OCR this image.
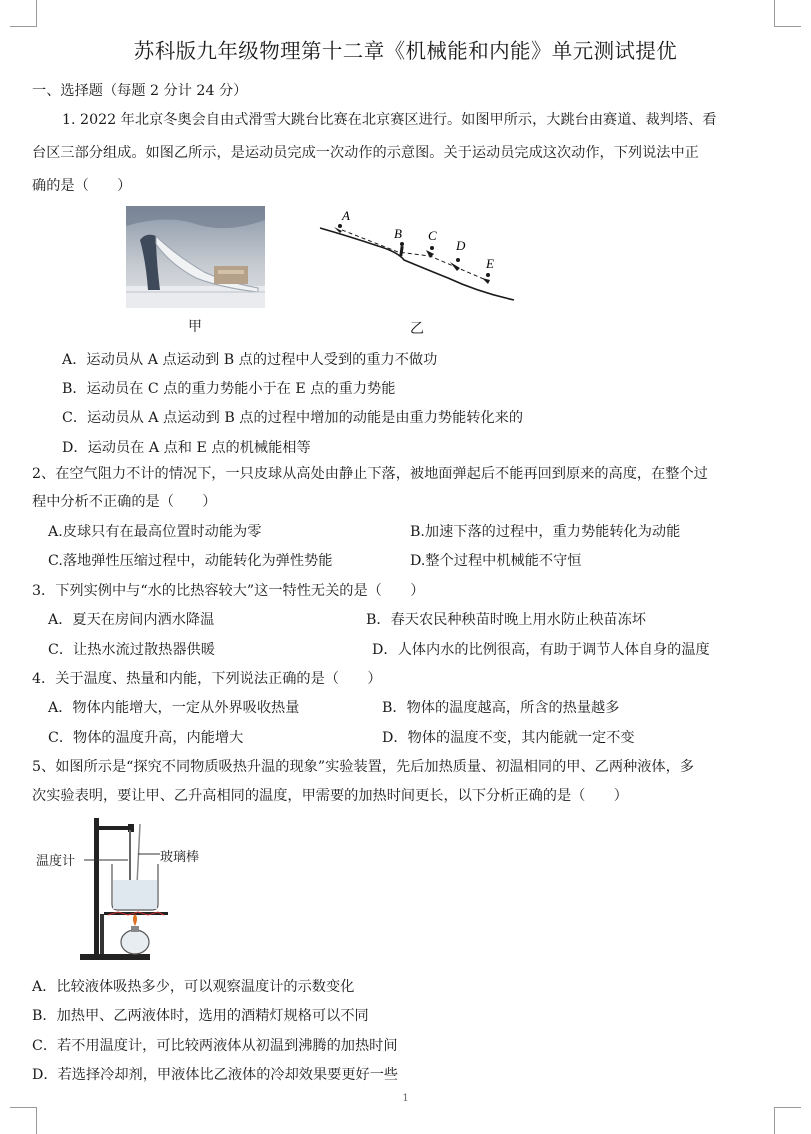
苏科版九年级物理第十二章《机械能和内能》单元测试提优
一、选择题（每题 2 分计 24 分）
1. 2022 年北京冬奥会自由式滑雪大跳台比赛在北京赛区进行。如图甲所示，大跳台由赛道、裁判塔、看
台区三部分组成。如图乙所示，是运动员完成一次动作的示意图。关于运动员完成这次动作，下列说法中正
确的是（　　）
甲
A
B C
D
E
乙
A．运动员从 A 点运动到 B 点的过程中人受到的重力不做功
B．运动员在 C 点的重力势能小于在 E 点的重力势能
C．运动员从 A 点运动到 B 点的过程中增加的动能是由重力势能转化来的
D．运动员在 A 点和 E 点的机械能相等
2、在空气阻力不计的情况下，一只皮球从高处由静止下落，被地面弹起后不能再回到原来的高度，在整个过
程中分析不正确的是（　　）
A.皮球只有在最高位置时动能为零	B.加速下落的过程中，重力势能转化为动能
C.落地弹性压缩过程中，动能转化为弹性势能	D.整个过程中机械能不守恒
3．下列实例中与“水的比热容较大”这一特性无关的是（　　）
A．夏天在房间内洒水降温	B．春天农民种秧苗时晚上用水防止秧苗冻坏
C．让热水流过散热器供暖	D．人体内水的比例很高，有助于调节人体自身的温度
4．关于温度、热量和内能，下列说法正确的是（　　）
A．物体内能增大，一定从外界吸收热量	B．物体的温度越高，所含的热量越多
C．物体的温度升高，内能增大	D．物体的温度不变，其内能就一定不变
5、如图所示是“探究不同物质吸热升温的现象”实验装置，先后加热质量、初温相同的甲、乙两种液体，多
次实验表明，要让甲、乙升高相同的温度，甲需要的加热时间更长，以下分析正确的是（　　）
温度计	玻璃棒
A．比较液体吸热多少，可以观察温度计的示数变化
B．加热甲、乙两液体时，选用的酒精灯规格可以不同
C．若不用温度计，可比较两液体从初温到沸腾的加热时间
D．若选择冷却剂，甲液体比乙液体的冷却效果要更好一些
1
